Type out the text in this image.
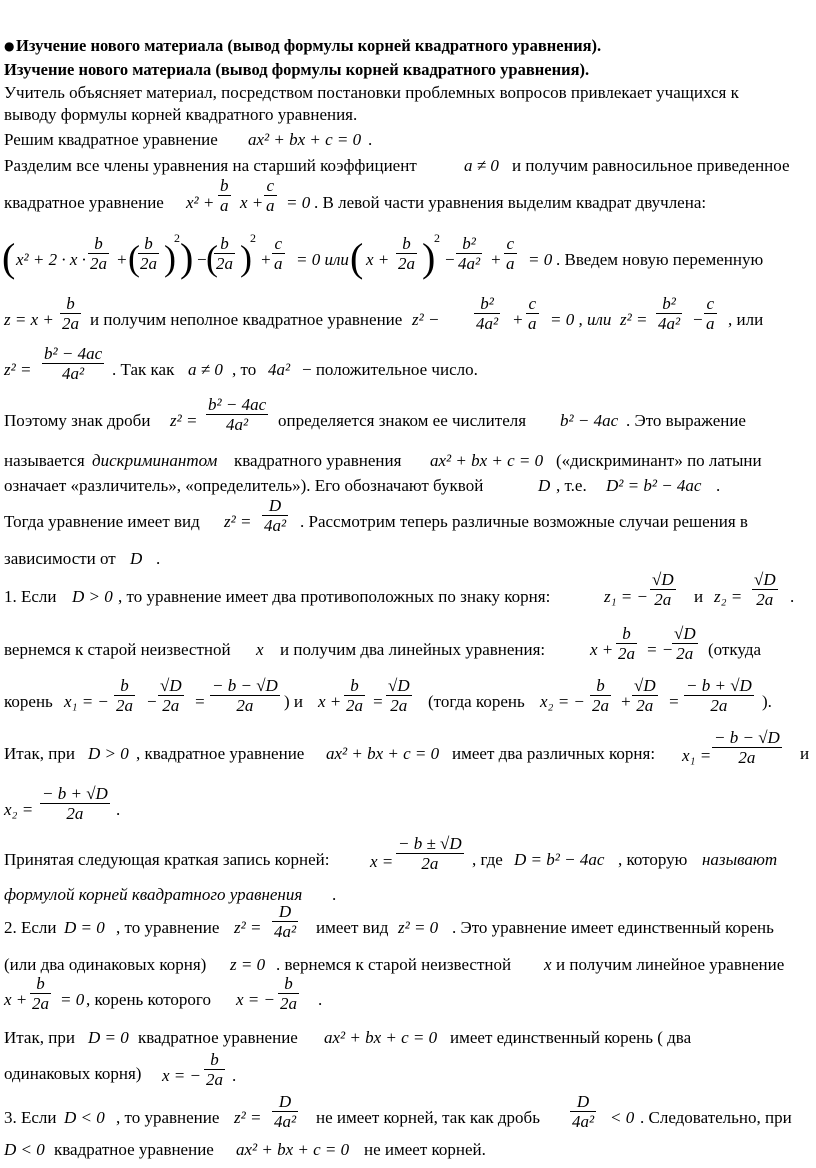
● Изучение нового материала (вывод формулы корней квадратного уравнения).
Изучение нового материала (вывод формулы корней квадратного уравнения).
Учитель объясняет материал, посредством постановки проблемных вопросов привлекает учащихся к
выводу формулы корней квадратного уравнения.
Решим квадратное уравнение ax² + bx + c = 0 .
Разделим все члены уравнения на старший коэффициент	a ≠ 0 и получим равносильное приведенное
квадратное уравнение x² +
b
a x +
c
a = 0 . В левой части уравнения выделим квадрат двучлена:
( x² + 2 · x ·
b
2a + ( b
2a )
2 ) −
( b
2a )
2
+
c
a = 0 или ( x +
b
2a )
2
−
b²
4a² +
c
a = 0 . Введем новую переменную
z = x +
b
2a и получим неполное квадратное уравнение z² −
b²
4a² +
c
a = 0 , или z² =
b²
4a² −
c
a , или
z² =
b² − 4ac
4a² . Так как a ≠ 0 , то 4a² − положительное число.
Поэтому знак дроби z² =
b² − 4ac
4a² определяется знаком ее числителя b² − 4ac . Это выражение
называется дискриминантом квадратного уравнения ax² + bx + c = 0 («дискриминант» по латыни
означает «различитель», «определитель»). Его обозначают буквой	D , т.е. D² = b² − 4ac .
Тогда уравнение имеет вид z² =
D
4a² . Рассмотрим теперь различные возможные случаи решения в
зависимости от D .
1. Если D > 0 , то уравнение имеет два противоположных по знаку корня:	z₁ = −
√D
2a и z₂ =
√D
2a .
вернемся к старой неизвестной x и получим два линейных уравнения:	x +
b
2a = −
√D
2a (откуда
корень x₁ = −
b
2a −
√D
2a =
− b − √D
2a ) и x +
b
2a =
√D
2a (тогда корень x₂ = −
b
2a +
√D
2a =
− b + √D
2a ).
Итак, при D > 0 , квадратное уравнение ax² + bx + c = 0 имеет два различных корня: x₁ =
− b − √D
2a	и
x₂ =
− b + √D
2a .
Принятая следующая краткая запись корней: x =
− b ± √D
2a , где D = b² − 4ac , которую называют
формулой корней квадратного уравнения .
2. Если D = 0 , то уравнение z² =
D
4a² имеет вид z² = 0 . Это уравнение имеет единственный корень
(или два одинаковых корня) z = 0 . вернемся к старой неизвестной x и получим линейное уравнение
x +
b
2a = 0 , корень которого x = −
b
2a .
Итак, при D = 0 квадратное уравнение ax² + bx + c = 0 имеет единственный корень ( два
одинаковых корня) x = −
b
2a .
3. Если D < 0 , то уравнение z² =
D
4a² не имеет корней, так как дробь
D
4a² < 0 . Следовательно, при
D < 0 квадратное уравнение ax² + bx + c = 0 не имеет корней.
